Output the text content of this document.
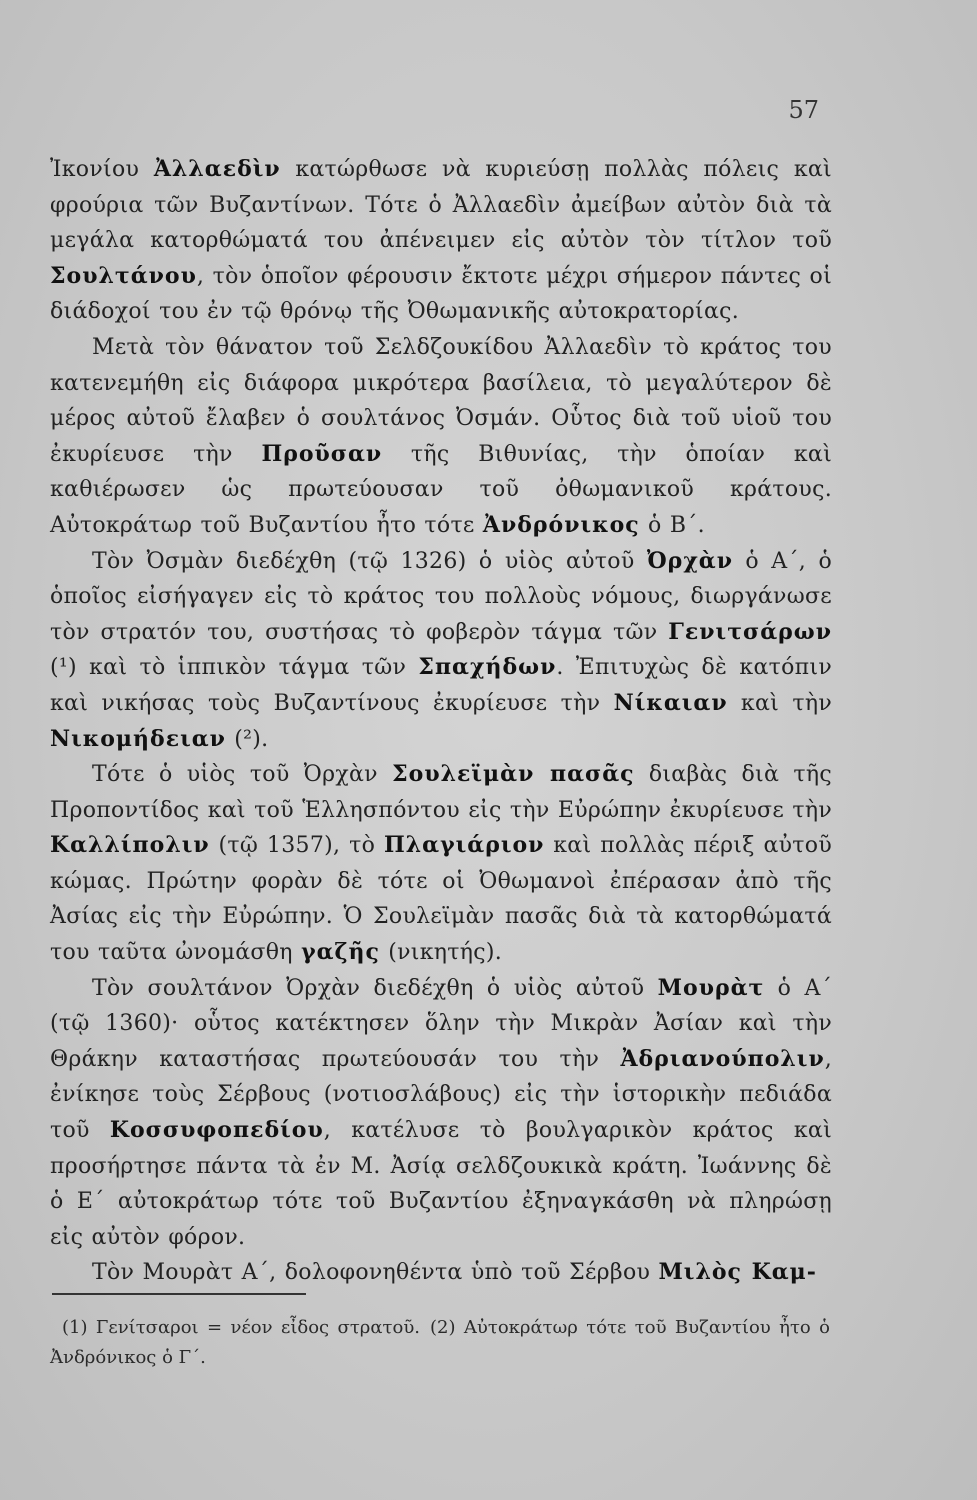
57

Ἰκονίου Ἀλλαεδὶν κατώρθωσε νὰ κυριεύσῃ πολλὰς πόλεις καὶ φρούρια τῶν Βυζαντίνων. Τότε ὁ Ἀλλαεδὶν ἀμείβων αὐτὸν διὰ τὰ μεγάλα κατορθώματά του ἀπένειμεν εἰς αὐτὸν τὸν τίτλον τοῦ Σουλτάνου, τὸν ὁποῖον φέρουσιν ἔκτοτε μέχρι σήμερον πάντες οἱ διάδοχοί του ἐν τῷ θρόνῳ τῆς Ὀθωμανικῆς αὐτοκρατορίας.

Μετὰ τὸν θάνατον τοῦ Σελδζουκίδου Ἀλλαεδὶν τὸ κράτος του κατενεμήθη εἰς διάφορα μικρότερα βασίλεια, τὸ μεγαλύτερον δὲ μέρος αὐτοῦ ἔλαβεν ὁ σουλτάνος Ὀσμάν. Οὗτος διὰ τοῦ υἱοῦ του ἐκυρίευσε τὴν Προῦσαν τῆς Βιθυνίας, τὴν ὁποίαν καὶ καθιέρωσεν ὡς πρωτεύουσαν τοῦ ὀθωμανικοῦ κράτους. Αὐτοκράτωρ τοῦ Βυζαντίου ἦτο τότε Ἀνδρόνικος ὁ Β΄.

Τὸν Ὀσμὰν διεδέχθη (τῷ 1326) ὁ υἱὸς αὐτοῦ Ὀρχὰν ὁ Α΄, ὁ ὁποῖος εἰσήγαγεν εἰς τὸ κράτος του πολλοὺς νόμους, διωργάνωσε τὸν στρατόν του, συστήσας τὸ φοβερὸν τάγμα τῶν Γενιτσάρων (¹) καὶ τὸ ἱππικὸν τάγμα τῶν Σπαχήδων. Ἐπιτυχὼς δὲ κατόπιν καὶ νικήσας τοὺς Βυζαντίνους ἐκυρίευσε τὴν Νίκαιαν καὶ τὴν Νικομήδειαν (²).

Τότε ὁ υἱὸς τοῦ Ὀρχὰν Σουλεϊμὰν πασᾶς διαβὰς διὰ τῆς Προποντίδος καὶ τοῦ Ἑλλησπόντου εἰς τὴν Εὐρώπην ἐκυρίευσε τὴν Καλλίπολιν (τῷ 1357), τὸ Πλαγιάριον καὶ πολλὰς πέριξ αὐτοῦ κώμας. Πρώτην φορὰν δὲ τότε οἱ Ὀθωμανοὶ ἐπέρασαν ἀπὸ τῆς Ἀσίας εἰς τὴν Εὐρώπην. Ὁ Σουλεϊμὰν πασᾶς διὰ τὰ κατορθώματά του ταῦτα ὠνομάσθη γαζῆς (νικητής).

Τὸν σουλτάνον Ὀρχὰν διεδέχθη ὁ υἱὸς αὐτοῦ Μουρὰτ ὁ Α΄ (τῷ 1360)· οὗτος κατέκτησεν ὅλην τὴν Μικρὰν Ἀσίαν καὶ τὴν Θράκην καταστήσας πρωτεύουσάν του τὴν Ἀδριανούπολιν, ἐνίκησε τοὺς Σέρβους (νοτιοσλάβους) εἰς τὴν ἱστορικὴν πεδιάδα τοῦ Κοσσυφοπεδίου, κατέλυσε τὸ βουλγαρικὸν κράτος καὶ προσήρτησε πάντα τὰ ἐν Μ. Ἀσίᾳ σελδζουκικὰ κράτη. Ἰωάννης δὲ ὁ Ε΄ αὐτοκράτωρ τότε τοῦ Βυζαντίου ἐξηναγκάσθη νὰ πληρώσῃ εἰς αὐτὸν φόρον.

Τὸν Μουρὰτ Α΄, δολοφονηθέντα ὑπὸ τοῦ Σέρβου Μιλὸς Καμ-

(1) Γενίτσαροι = νέον εἶδος στρατοῦ. (2) Αὐτοκράτωρ τότε τοῦ Βυζαντίου ἦτο ὁ Ἀνδρόνικος ὁ Γ΄.
